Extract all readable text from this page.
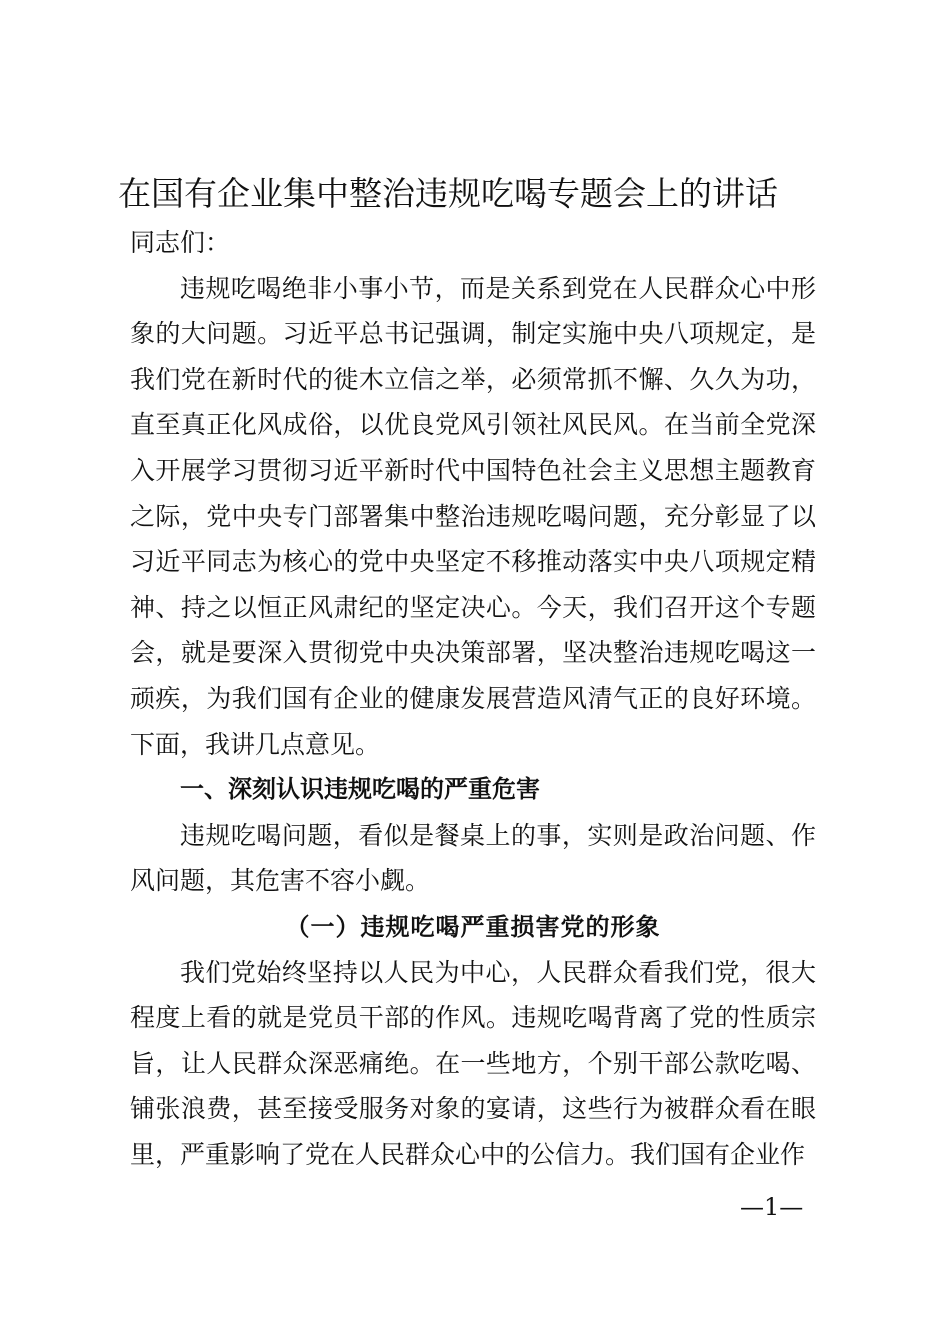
在国有企业集中整治违规吃喝专题会上的讲话

同志们：

违规吃喝绝非小事小节，而是关系到党在人民群众心中形象的大问题。习近平总书记强调，制定实施中央八项规定，是我们党在新时代的徙木立信之举，必须常抓不懈、久久为功，直至真正化风成俗，以优良党风引领社风民风。在当前全党深入开展学习贯彻习近平新时代中国特色社会主义思想主题教育之际，党中央专门部署集中整治违规吃喝问题，充分彰显了以习近平同志为核心的党中央坚定不移推动落实中央八项规定精神、持之以恒正风肃纪的坚定决心。今天，我们召开这个专题会，就是要深入贯彻党中央决策部署，坚决整治违规吃喝这一顽疾，为我们国有企业的健康发展营造风清气正的良好环境。下面，我讲几点意见。

一、深刻认识违规吃喝的严重危害

违规吃喝问题，看似是餐桌上的事，实则是政治问题、作风问题，其危害不容小觑。

（一）违规吃喝严重损害党的形象

我们党始终坚持以人民为中心，人民群众看我们党，很大程度上看的就是党员干部的作风。违规吃喝背离了党的性质宗旨，让人民群众深恶痛绝。在一些地方，个别干部公款吃喝、铺张浪费，甚至接受服务对象的宴请，这些行为被群众看在眼里，严重影响了党在人民群众心中的公信力。我们国有企业作

—1—
